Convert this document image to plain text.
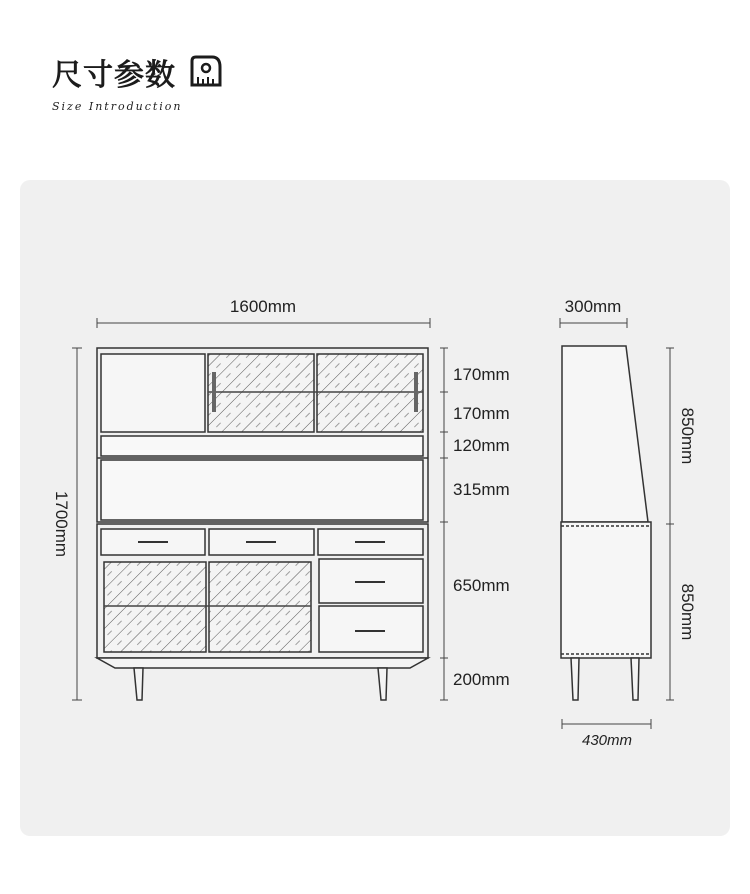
尺寸参数
Size Introduction
1600mm
1700mm
170mm
170mm
120mm
315mm
650mm
200mm
300mm
850mm
850mm
430mm
